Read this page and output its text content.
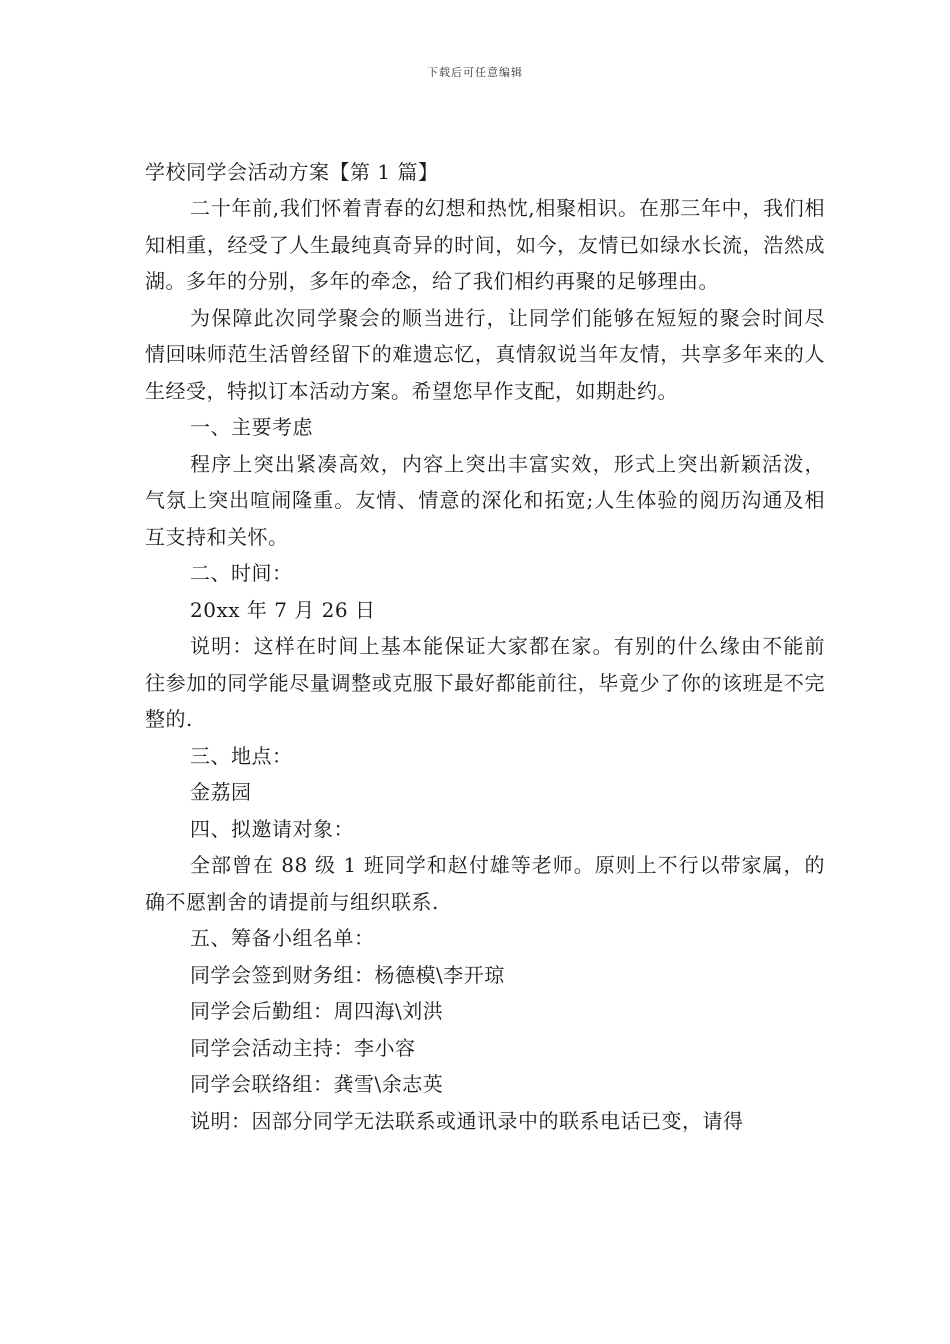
下载后可任意编辑

学校同学会活动方案【第 1 篇】

二十年前,我们怀着青春的幻想和热忱,相聚相识。在那三年中，我们相知相重，经受了人生最纯真奇异的时间，如今，友情已如绿水长流，浩然成湖。多年的分别，多年的牵念，给了我们相约再聚的足够理由。

为保障此次同学聚会的顺当进行，让同学们能够在短短的聚会时间尽情回味师范生活曾经留下的难遗忘忆，真情叙说当年友情，共享多年来的人生经受，特拟订本活动方案。希望您早作支配，如期赴约。

一、主要考虑

程序上突出紧凑高效，内容上突出丰富实效，形式上突出新颖活泼，气氛上突出喧闹隆重。友情、情意的深化和拓宽;人生体验的阅历沟通及相互支持和关怀。

二、时间：

20xx 年 7 月 26 日

说明：这样在时间上基本能保证大家都在家。有别的什么缘由不能前往参加的同学能尽量调整或克服下最好都能前往，毕竟少了你的该班是不完整的.

三、地点：

金荔园

四、拟邀请对象：

全部曾在 88 级 1 班同学和赵付雄等老师。原则上不行以带家属，的确不愿割舍的请提前与组织联系.

五、筹备小组名单：

同学会签到财务组：杨德模\李开琼

同学会后勤组：周四海\刘洪

同学会活动主持：李小容

同学会联络组：龚雪\余志英

说明：因部分同学无法联系或通讯录中的联系电话已变，请得
